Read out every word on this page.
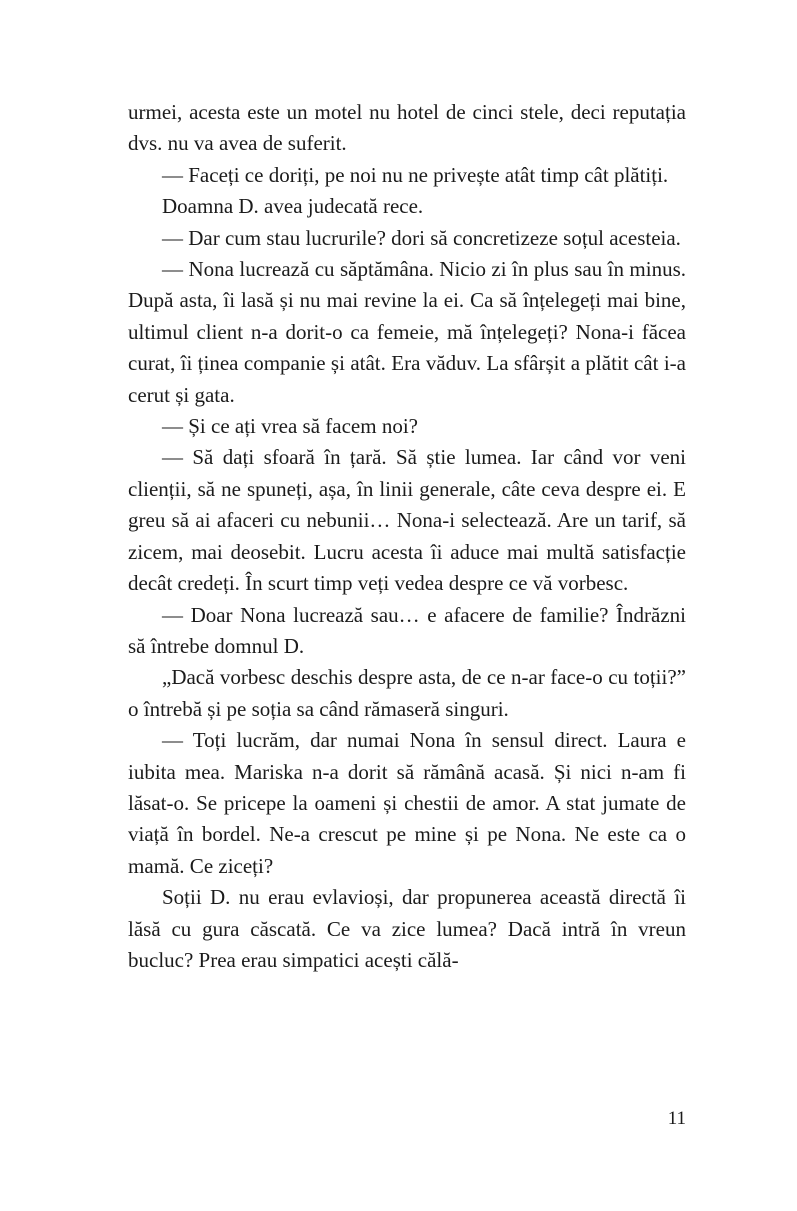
urmei, acesta este un motel nu hotel de cinci stele, deci reputația dvs. nu va avea de suferit.

— Faceți ce doriți, pe noi nu ne privește atât timp cât plătiți.

Doamna D. avea judecată rece.

— Dar cum stau lucrurile? dori să concretizeze soțul acesteia.

— Nona lucrează cu săptămâna. Nicio zi în plus sau în minus. După asta, îi lasă și nu mai revine la ei. Ca să înțelegeți mai bine, ultimul client n-a dorit-o ca femeie, mă înțelegeți? Nona-i făcea curat, îi ținea companie și atât. Era văduv. La sfârșit a plătit cât i-a cerut și gata.

— Și ce ați vrea să facem noi?

— Să dați sfoară în țară. Să știe lumea. Iar când vor veni clienții, să ne spuneți, așa, în linii generale, câte ceva despre ei. E greu să ai afaceri cu nebunii… Nona-i selectează. Are un tarif, să zicem, mai deosebit. Lucru acesta îi aduce mai multă satisfacție decât credeți. În scurt timp veți vedea despre ce vă vorbesc.

— Doar Nona lucrează sau… e afacere de familie? Îndrăzni să întrebe domnul D.

„Dacă vorbesc deschis despre asta, de ce n-ar face-o cu toții?” o întrebă și pe soția sa când rămaseră singuri.

— Toți lucrăm, dar numai Nona în sensul direct. Laura e iubita mea. Mariska n-a dorit să rămână acasă. Și nici n-am fi lăsat-o. Se pricepe la oameni și chestii de amor. A stat jumate de viață în bordel. Ne-a crescut pe mine și pe Nona. Ne este ca o mamă. Ce ziceți?

Soții D. nu erau evlavioși, dar propunerea această directă îi lăsă cu gura căscată. Ce va zice lumea? Dacă intră în vreun bucluc? Prea erau simpatici acești călă-

11
